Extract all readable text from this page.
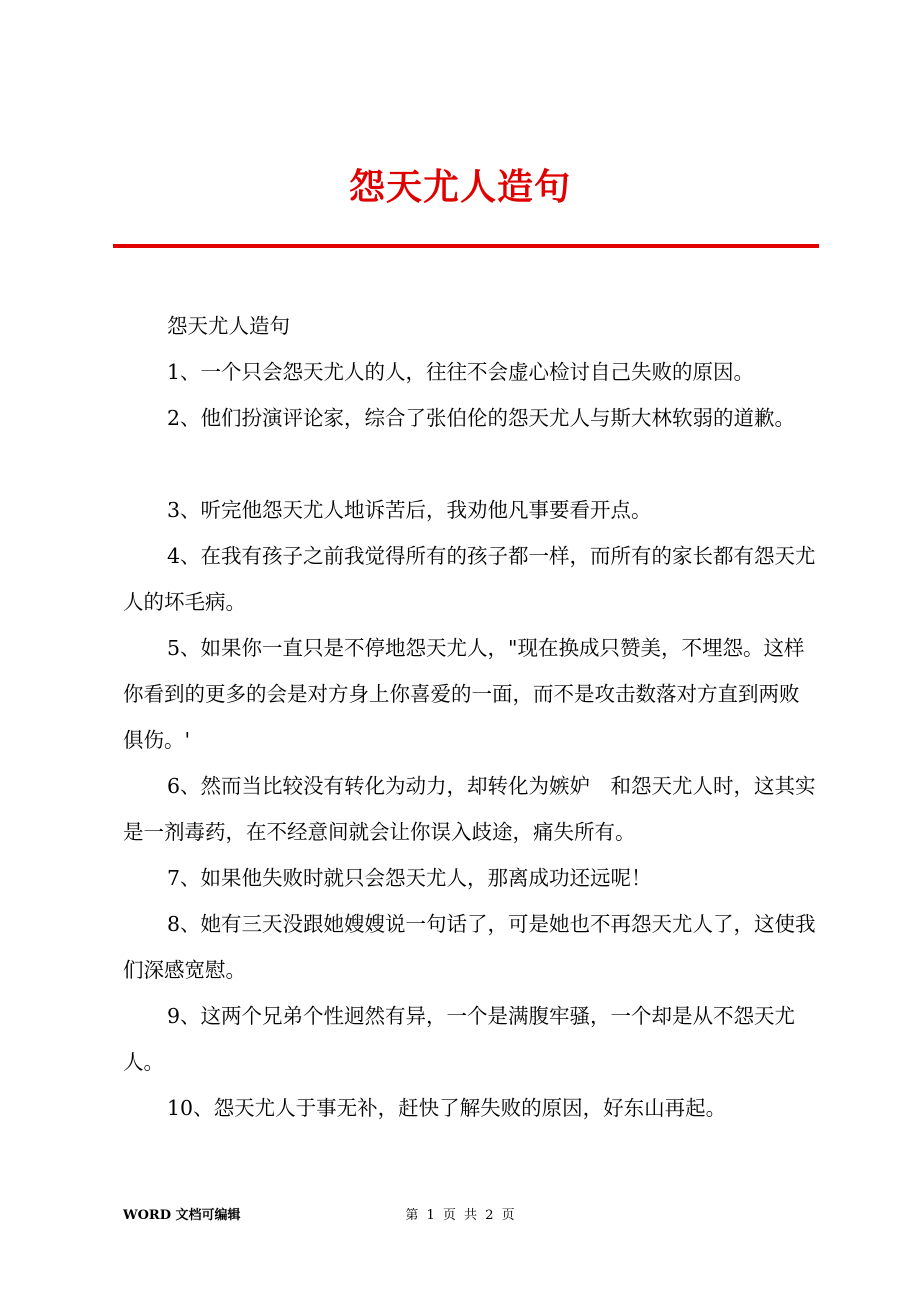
怨天尤人造句

怨天尤人造句

1、一个只会怨天尤人的人，往往不会虚心检讨自己失败的原因。

2、他们扮演评论家，综合了张伯伦的怨天尤人与斯大林软弱的道歉。

3、听完他怨天尤人地诉苦后，我劝他凡事要看开点。

4、在我有孩子之前我觉得所有的孩子都一样，而所有的家长都有怨天尤人的坏毛病。

5、如果你一直只是不停地怨天尤人，"现在换成只赞美，不埋怨。这样你看到的更多的会是对方身上你喜爱的一面，而不是攻击数落对方直到两败俱伤。'

6、然而当比较没有转化为动力，却转化为嫉妒　和怨天尤人时，这其实是一剂毒药，在不经意间就会让你误入歧途，痛失所有。

7、如果他失败时就只会怨天尤人，那离成功还远呢！

8、她有三天没跟她嫂嫂说一句话了，可是她也不再怨天尤人了，这使我们深感宽慰。

9、这两个兄弟个性迥然有异，一个是满腹牢骚，一个却是从不怨天尤人。

10、怨天尤人于事无补，赶快了解失败的原因，好东山再起。

WORD 文档可编辑	第 1 页 共 2 页
